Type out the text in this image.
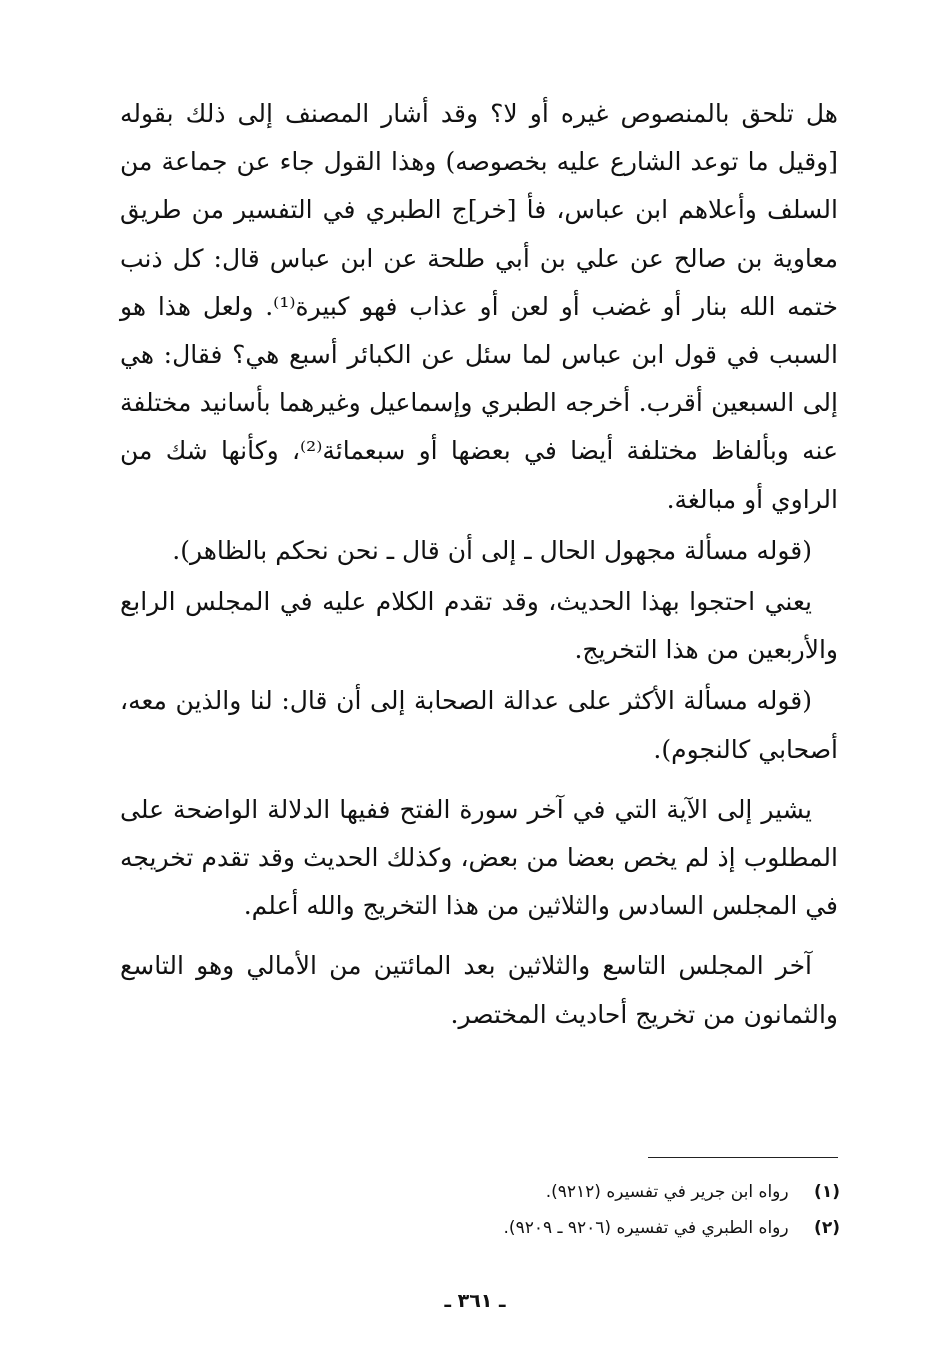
هل تلحق بالمنصوص غيره أو لا؟ وقد أشار المصنف إلى ذلك بقوله [وقيل ما توعد الشارع عليه بخصوصه) وهذا القول جاء عن جماعة من السلف وأعلاهم ابن عباس، فأ [خر]ج الطبري في التفسير من طريق معاوية بن صالح عن علي بن أبي طلحة عن ابن عباس قال: كل ذنب ختمه الله بنار أو غضب أو لعن أو عذاب فهو كبيرة⁽¹⁾. ولعل هذا هو السبب في قول ابن عباس لما سئل عن الكبائر أسبع هي؟ فقال: هي إلى السبعين أقرب. أخرجه الطبري وإسماعيل وغيرهما بأسانيد مختلفة عنه وبألفاظ مختلفة أيضا في بعضها أو سبعمائة⁽²⁾، وكأنها شك من الراوي أو مبالغة.

(قوله مسألة مجهول الحال ـ إلى أن قال ـ نحن نحكم بالظاهر).

يعني احتجوا بهذا الحديث، وقد تقدم الكلام عليه في المجلس الرابع والأربعين من هذا التخريج.

(قوله مسألة الأكثر على عدالة الصحابة إلى أن قال: لنا والذين معه، أصحابي كالنجوم).

يشير إلى الآية التي في آخر سورة الفتح ففيها الدلالة الواضحة على المطلوب إذ لم يخص بعضا من بعض، وكذلك الحديث وقد تقدم تخريجه في المجلس السادس والثلاثين من هذا التخريج والله أعلم.

آخر المجلس التاسع والثلاثين بعد المائتين من الأمالي وهو التاسع والثمانون من تخريج أحاديث المختصر.

(١) رواه ابن جرير في تفسيره (٩٢١٢).
(٢) رواه الطبري في تفسيره (٩٢٠٦ ـ ٩٢٠٩).
ـ ٣٦١ ـ
